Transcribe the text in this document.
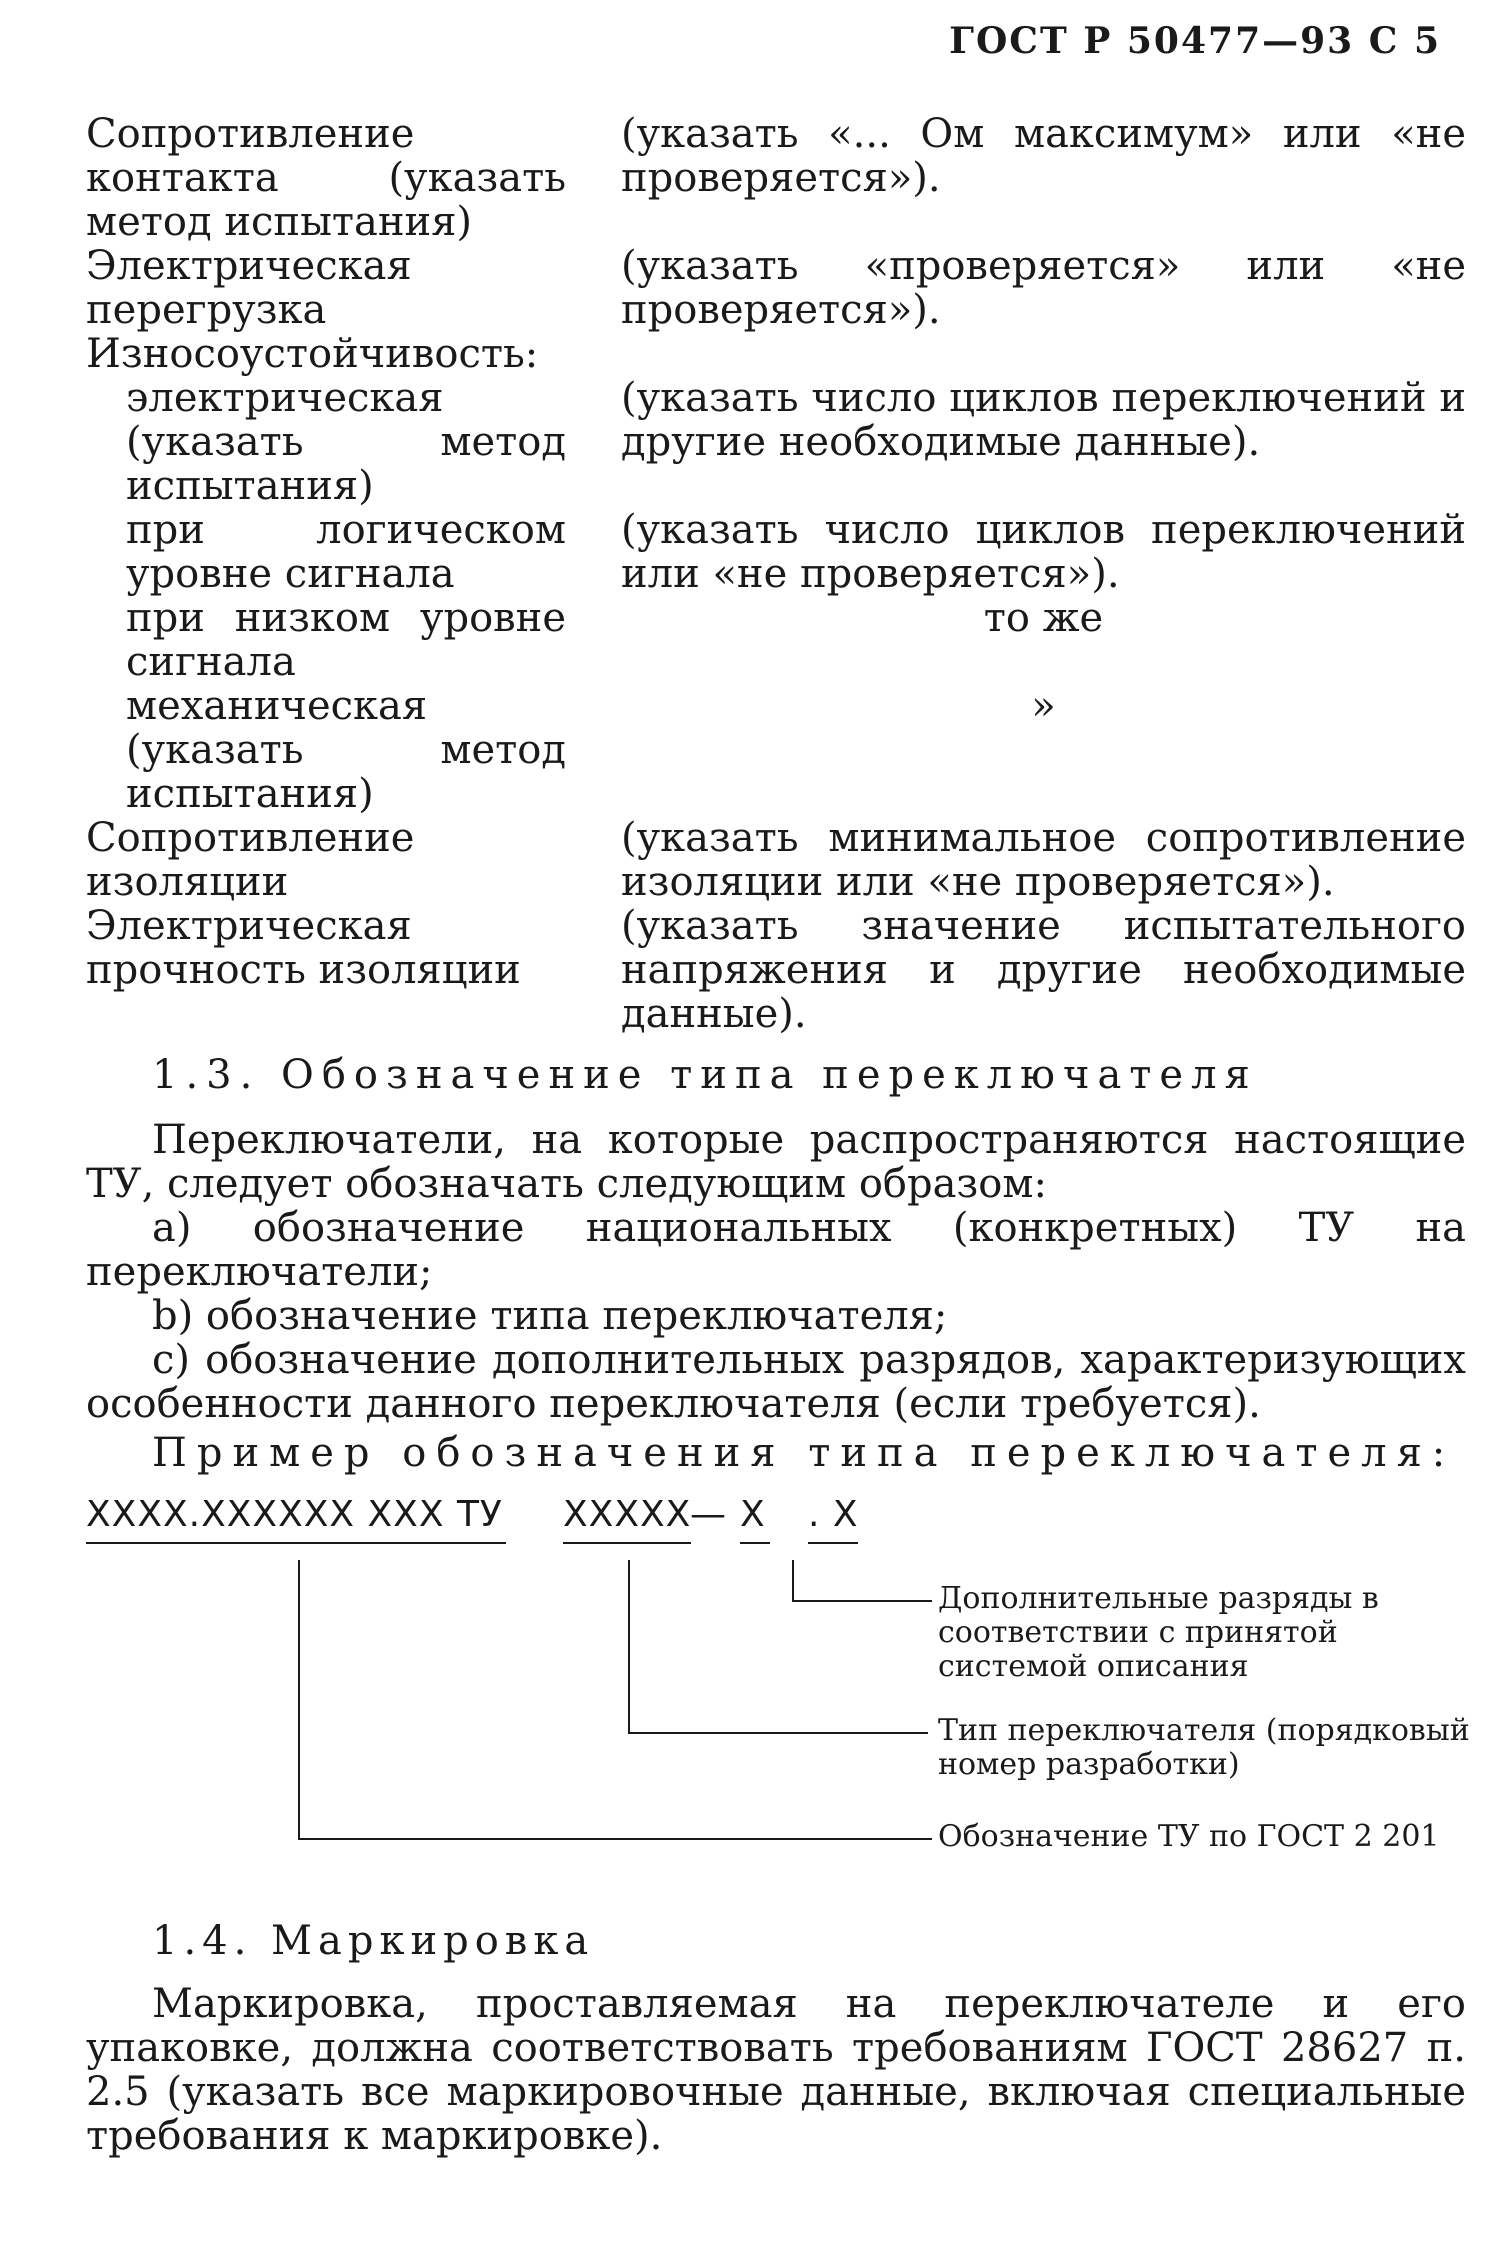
ГОСТ Р 50477—93 С 5
Сопротивление контакта (указать метод испытания)
(указать «... Ом максимум» или «не проверяется»).
Электрическая перегрузка
(указать «проверяется» или «не проверяется»).
Износоустойчивость:
электрическая (указать метод испытания)
(указать число циклов переключений и другие необходимые данные).
при логическом уровне сигнала
(указать число циклов переключений или «не проверяется»).
при низком уровне сигнала
то же
механическая (указать метод испытания)
»
Сопротивление изоляции
(указать минимальное сопротивление изоляции или «не проверяется»).
Электрическая прочность изоляции
(указать значение испытательного напряжения и другие необходимые данные).
1.3. Обозначение типа переключателя
Переключатели, на которые распространяются настоящие ТУ, следует обозначать следующим образом:
а) обозначение национальных (конкретных) ТУ на переключатели;
b) обозначение типа переключателя;
с) обозначение дополнительных разрядов, характеризующих особенности данного переключателя (если требуется).
Пример обозначения типа переключателя:
XXXX.XXXXXX XXX ТУ XXXXX
— X . X
Дополнительные разряды в соответствии с принятой системой описания
Тип переключателя (порядковый номер разработки)
Обозначение ТУ по ГОСТ 2 201
1.4. Маркировка
Маркировка, проставляемая на переключателе и его упаковке, должна соответствовать требованиям ГОСТ 28627 п. 2.5 (указать все маркировочные данные, включая специальные требования к маркировке).
